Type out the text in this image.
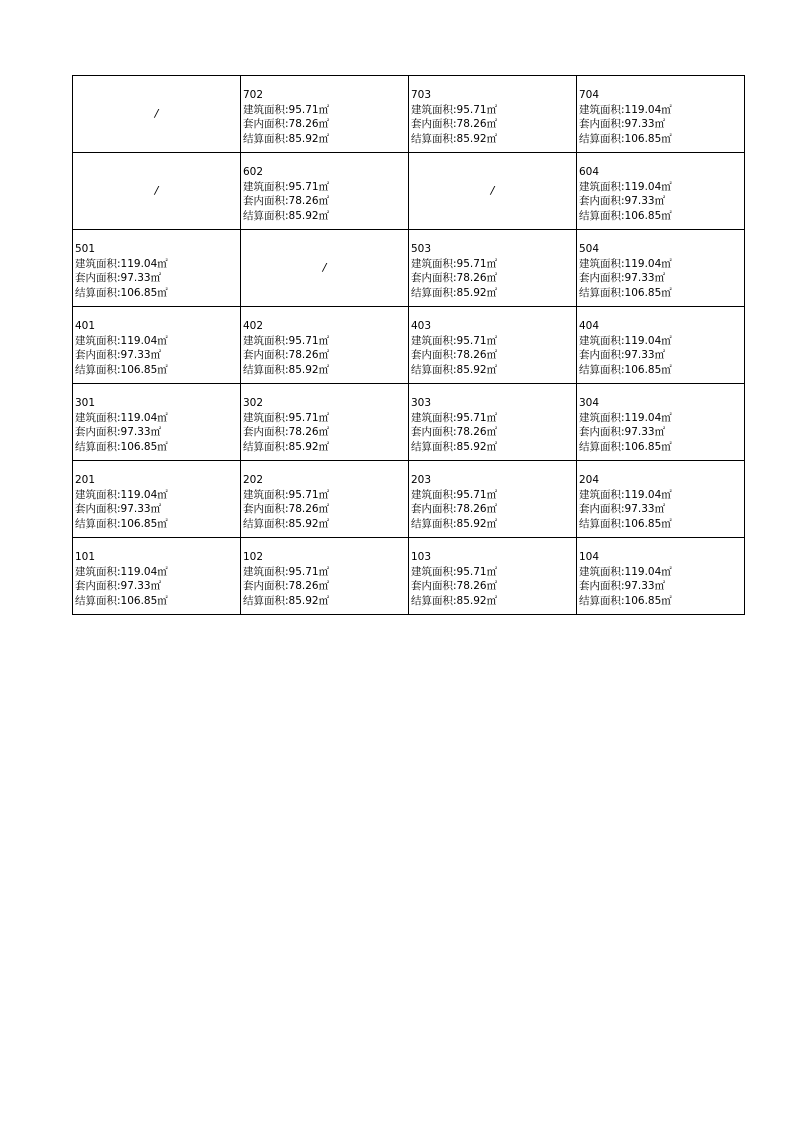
/	702
建筑面积:95.71㎡
套内面积:78.26㎡
结算面积:85.92㎡	703
建筑面积:95.71㎡
套内面积:78.26㎡
结算面积:85.92㎡	704
建筑面积:119.04㎡
套内面积:97.33㎡
结算面积:106.85㎡

/	602
建筑面积:95.71㎡
套内面积:78.26㎡
结算面积:85.92㎡	/	604
建筑面积:119.04㎡
套内面积:97.33㎡
结算面积:106.85㎡

501
建筑面积:119.04㎡
套内面积:97.33㎡
结算面积:106.85㎡	/	503
建筑面积:95.71㎡
套内面积:78.26㎡
结算面积:85.92㎡	504
建筑面积:119.04㎡
套内面积:97.33㎡
结算面积:106.85㎡

401
建筑面积:119.04㎡
套内面积:97.33㎡
结算面积:106.85㎡	402
建筑面积:95.71㎡
套内面积:78.26㎡
结算面积:85.92㎡	403
建筑面积:95.71㎡
套内面积:78.26㎡
结算面积:85.92㎡	404
建筑面积:119.04㎡
套内面积:97.33㎡
结算面积:106.85㎡

301
建筑面积:119.04㎡
套内面积:97.33㎡
结算面积:106.85㎡	302
建筑面积:95.71㎡
套内面积:78.26㎡
结算面积:85.92㎡	303
建筑面积:95.71㎡
套内面积:78.26㎡
结算面积:85.92㎡	304
建筑面积:119.04㎡
套内面积:97.33㎡
结算面积:106.85㎡

201
建筑面积:119.04㎡
套内面积:97.33㎡
结算面积:106.85㎡	202
建筑面积:95.71㎡
套内面积:78.26㎡
结算面积:85.92㎡	203
建筑面积:95.71㎡
套内面积:78.26㎡
结算面积:85.92㎡	204
建筑面积:119.04㎡
套内面积:97.33㎡
结算面积:106.85㎡

101
建筑面积:119.04㎡
套内面积:97.33㎡
结算面积:106.85㎡	102
建筑面积:95.71㎡
套内面积:78.26㎡
结算面积:85.92㎡	103
建筑面积:95.71㎡
套内面积:78.26㎡
结算面积:85.92㎡	104
建筑面积:119.04㎡
套内面积:97.33㎡
结算面积:106.85㎡
